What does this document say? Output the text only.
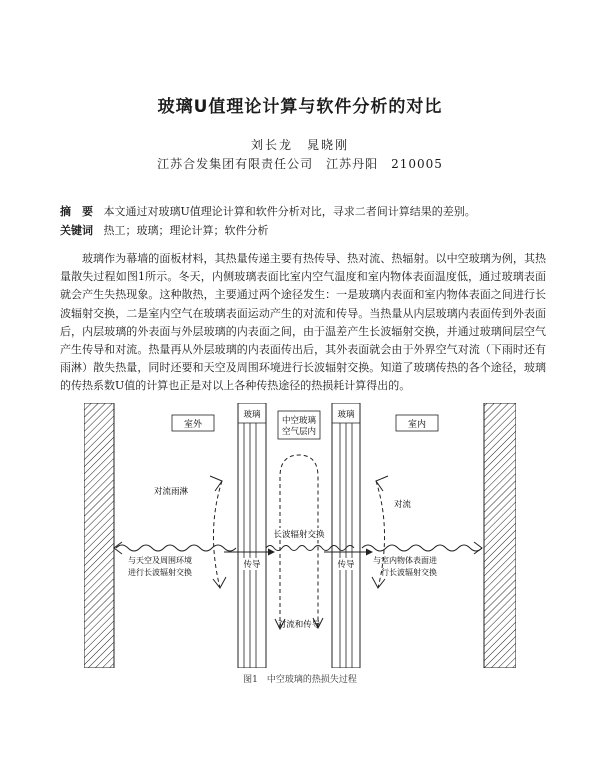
玻璃U值理论计算与软件分析的对比
刘长龙　晁晓刚
江苏合发集团有限责任公司　江苏丹阳　210005
摘　要 本文通过对玻璃U值理论计算和软件分析对比，寻求二者间计算结果的差别。
关键词 热工；玻璃；理论计算；软件分析

玻璃作为幕墙的面板材料，其热量传递主要有热传导、热对流、热辐射。以中空玻璃为例，其热量散失过程如图1所示。冬天，内侧玻璃表面比室内空气温度和室内物体表面温度低，通过玻璃表面就会产生失热现象。这种散热，主要通过两个途径发生：一是玻璃内表面和室内物体表面之间进行长波辐射交换，二是室内空气在玻璃表面运动产生的对流和传导。当热量从内层玻璃内表面传到外表面后，内层玻璃的外表面与外层玻璃的内表面之间，由于温差产生长波辐射交换，并通过玻璃间层空气产生传导和对流。热量再从外层玻璃的内表面传出后，其外表面就会由于外界空气对流（下雨时还有雨淋）散失热量，同时还要和天空及周围环境进行长波辐射交换。知道了玻璃传热的各个途径，玻璃的传热系数U值的计算也正是对以上各种传热途径的热损耗计算得出的。

室外
玻璃
中空玻璃
空气层内
玻璃
室内
对流雨淋
对流
长波辐射交换
传导	传导
与天空及周围环境
进行长波辐射交换
与室内物体表面进
行长波辐射交换
对流和传导
图1　中空玻璃的热损失过程
